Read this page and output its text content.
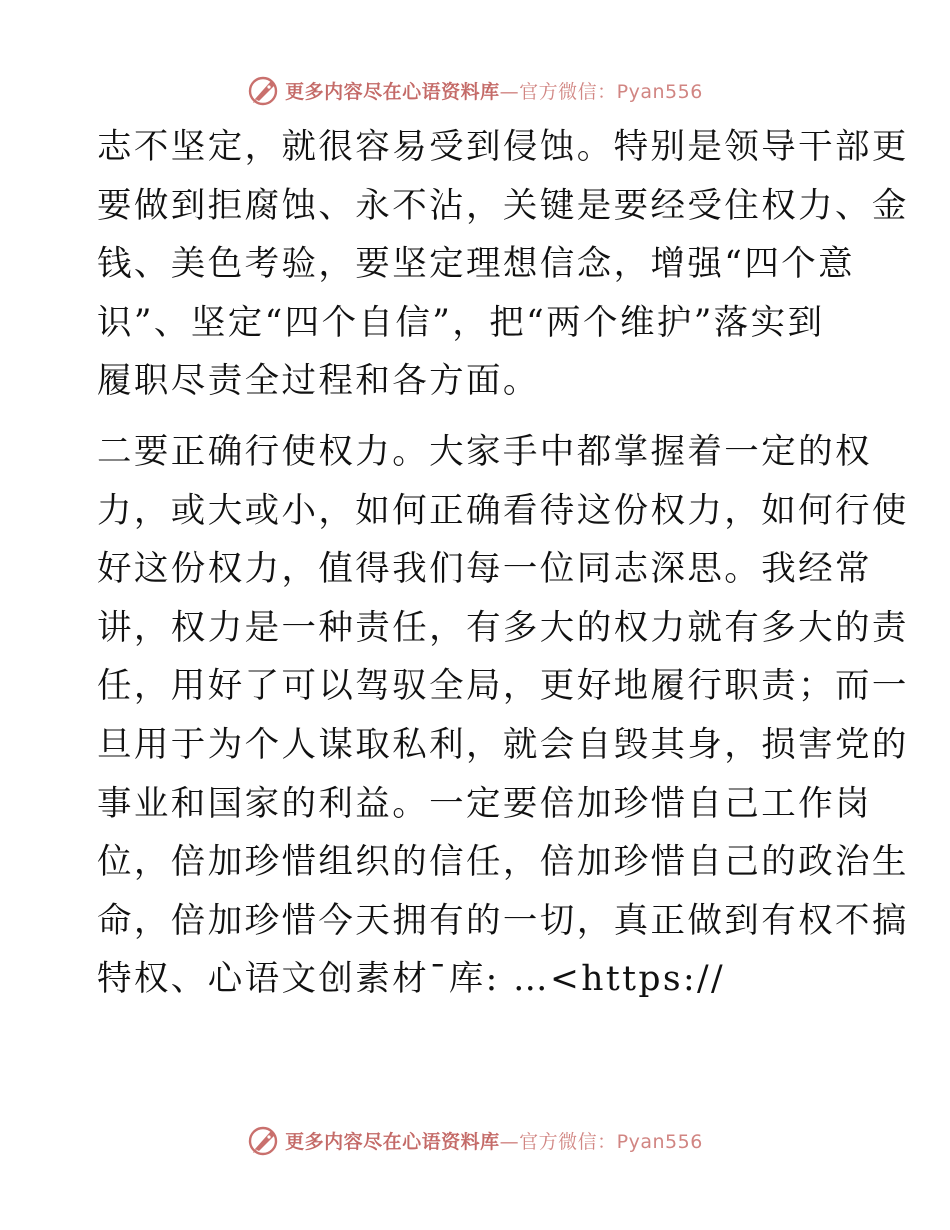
更多内容尽在心语资料库—官方微信：Pyan556

志不坚定，就很容易受到侵蚀。特别是领导干部更
要做到拒腐蚀、永不沾，关键是要经受住权力、金
钱、美色考验，要坚定理想信念，增强“四个意
识”、坚定“四个自信”，把“两个维护”落实到
履职尽责全过程和各方面。

二要正确行使权力。大家手中都掌握着一定的权
力，或大或小，如何正确看待这份权力，如何行使
好这份权力，值得我们每一位同志深思。我经常
讲，权力是一种责任，有多大的权力就有多大的责
任，用好了可以驾驭全局，更好地履行职责；而一
旦用于为个人谋取私利，就会自毁其身，损害党的
事业和国家的利益。一定要倍加珍惜自己工作岗
位，倍加珍惜组织的信任，倍加珍惜自己的政治生
命，倍加珍惜今天拥有的一切，真正做到有权不搞
特权、心语文创素材¯库: …<https://

更多内容尽在心语资料库—官方微信：Pyan556
